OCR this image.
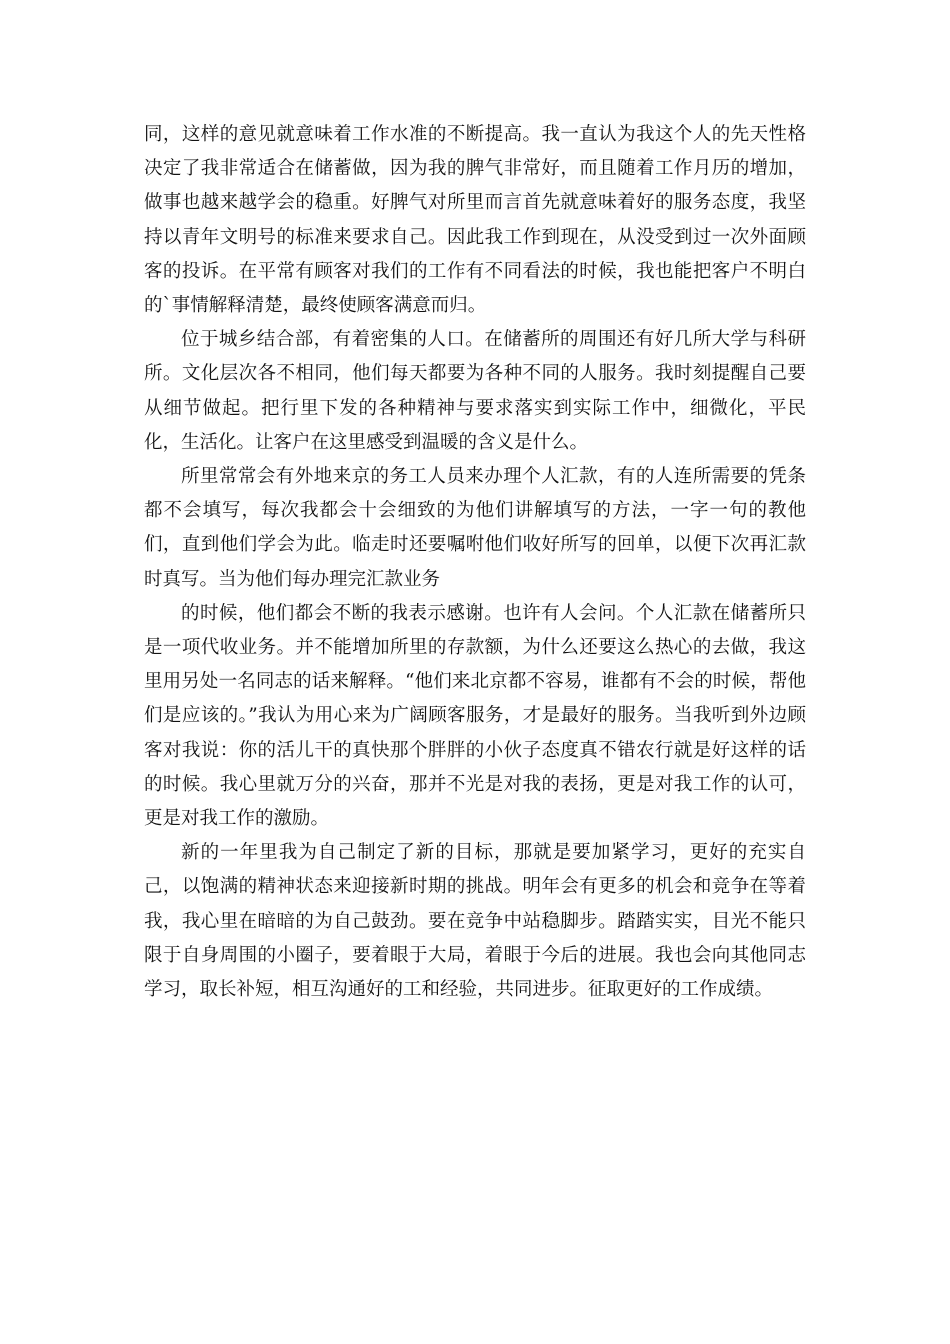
同，这样的意见就意味着工作水准的不断提高。我一直认为我这个人的先天性格决定了我非常适合在储蓄做，因为我的脾气非常好，而且随着工作月历的增加，做事也越来越学会的稳重。好脾气对所里而言首先就意味着好的服务态度，我坚持以青年文明号的标准来要求自己。因此我工作到现在，从没受到过一次外面顾客的投诉。在平常有顾客对我们的工作有不同看法的时候，我也能把客户不明白的`事情解释清楚，最终使顾客满意而归。

位于城乡结合部，有着密集的人口。在储蓄所的周围还有好几所大学与科研所。文化层次各不相同，他们每天都要为各种不同的人服务。我时刻提醒自己要从细节做起。把行里下发的各种精神与要求落实到实际工作中，细微化，平民化，生活化。让客户在这里感受到温暖的含义是什么。

所里常常会有外地来京的务工人员来办理个人汇款，有的人连所需要的凭条都不会填写，每次我都会十会细致的为他们讲解填写的方法，一字一句的教他们，直到他们学会为此。临走时还要嘱咐他们收好所写的回单，以便下次再汇款时真写。当为他们每办理完汇款业务

的时候，他们都会不断的我表示感谢。也许有人会问。个人汇款在储蓄所只是一项代收业务。并不能增加所里的存款额，为什么还要这么热心的去做，我这里用另处一名同志的话来解释。“他们来北京都不容易，谁都有不会的时候，帮他们是应该的。”我认为用心来为广阔顾客服务，才是最好的服务。当我听到外边顾客对我说：你的活儿干的真快那个胖胖的小伙子态度真不错农行就是好这样的话的时候。我心里就万分的兴奋，那并不光是对我的表扬，更是对我工作的认可，更是对我工作的激励。

新的一年里我为自己制定了新的目标，那就是要加紧学习，更好的充实自己，以饱满的精神状态来迎接新时期的挑战。明年会有更多的机会和竞争在等着我，我心里在暗暗的为自己鼓劲。要在竞争中站稳脚步。踏踏实实，目光不能只限于自身周围的小圈子，要着眼于大局，着眼于今后的进展。我也会向其他同志学习，取长补短，相互沟通好的工和经验，共同进步。征取更好的工作成绩。
